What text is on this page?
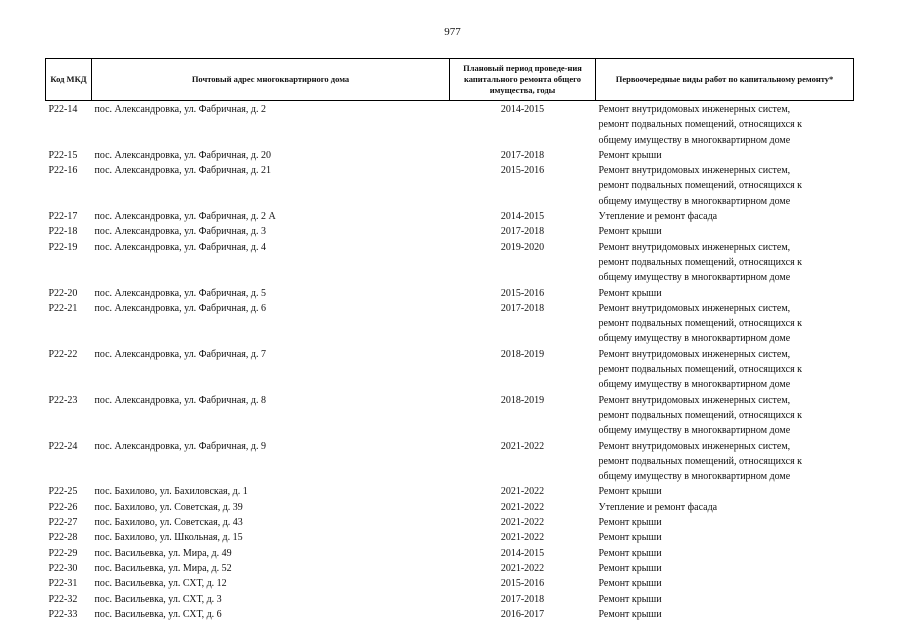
977
Код МКД	Почтовый адрес многоквартирного дома	Плановый период проведе-ния капитального ремонта общего имущества, годы	Первоочередные виды работ по капитальному ремонту*
Р22-14	пос. Александровка, ул. Фабричная, д. 2	2014-2015	Ремонт внутридомовых инженерных систем,
ремонт подвальных помещений, относящихся к
общему имуществу в многоквартирном доме

Р22-15	пос. Александровка, ул. Фабричная, д. 20	2017-2018	Ремонт крыши

Р22-16	пос. Александровка, ул. Фабричная, д. 21	2015-2016	Ремонт внутридомовых инженерных систем,
ремонт подвальных помещений, относящихся к
общему имуществу в многоквартирном доме

Р22-17	пос. Александровка, ул. Фабричная, д. 2 А	2014-2015	Утепление и ремонт фасада

Р22-18	пос. Александровка, ул. Фабричная, д. 3	2017-2018	Ремонт крыши

Р22-19	пос. Александровка, ул. Фабричная, д. 4	2019-2020	Ремонт внутридомовых инженерных систем,
ремонт подвальных помещений, относящихся к
общему имуществу в многоквартирном доме

Р22-20	пос. Александровка, ул. Фабричная, д. 5	2015-2016	Ремонт крыши

Р22-21	пос. Александровка, ул. Фабричная, д. 6	2017-2018	Ремонт внутридомовых инженерных систем,
ремонт подвальных помещений, относящихся к
общему имуществу в многоквартирном доме

Р22-22	пос. Александровка, ул. Фабричная, д. 7	2018-2019	Ремонт внутридомовых инженерных систем,
ремонт подвальных помещений, относящихся к
общему имуществу в многоквартирном доме

Р22-23	пос. Александровка, ул. Фабричная, д. 8	2018-2019	Ремонт внутридомовых инженерных систем,
ремонт подвальных помещений, относящихся к
общему имуществу в многоквартирном доме

Р22-24	пос. Александровка, ул. Фабричная, д. 9	2021-2022	Ремонт внутридомовых инженерных систем,
ремонт подвальных помещений, относящихся к
общему имуществу в многоквартирном доме

Р22-25	пос. Бахилово, ул. Бахиловская, д. 1	2021-2022	Ремонт крыши

Р22-26	пос. Бахилово, ул. Советская, д. 39	2021-2022	Утепление и ремонт фасада

Р22-27	пос. Бахилово, ул. Советская, д. 43	2021-2022	Ремонт крыши

Р22-28	пос. Бахилово, ул. Школьная, д. 15	2021-2022	Ремонт крыши

Р22-29	пос. Васильевка, ул. Мира, д. 49	2014-2015	Ремонт крыши

Р22-30	пос. Васильевка, ул. Мира, д. 52	2021-2022	Ремонт крыши

Р22-31	пос. Васильевка, ул. СХТ, д. 12	2015-2016	Ремонт крыши

Р22-32	пос. Васильевка, ул. СХТ, д. 3	2017-2018	Ремонт крыши

Р22-33	пос. Васильевка, ул. СХТ, д. 6	2016-2017	Ремонт крыши
